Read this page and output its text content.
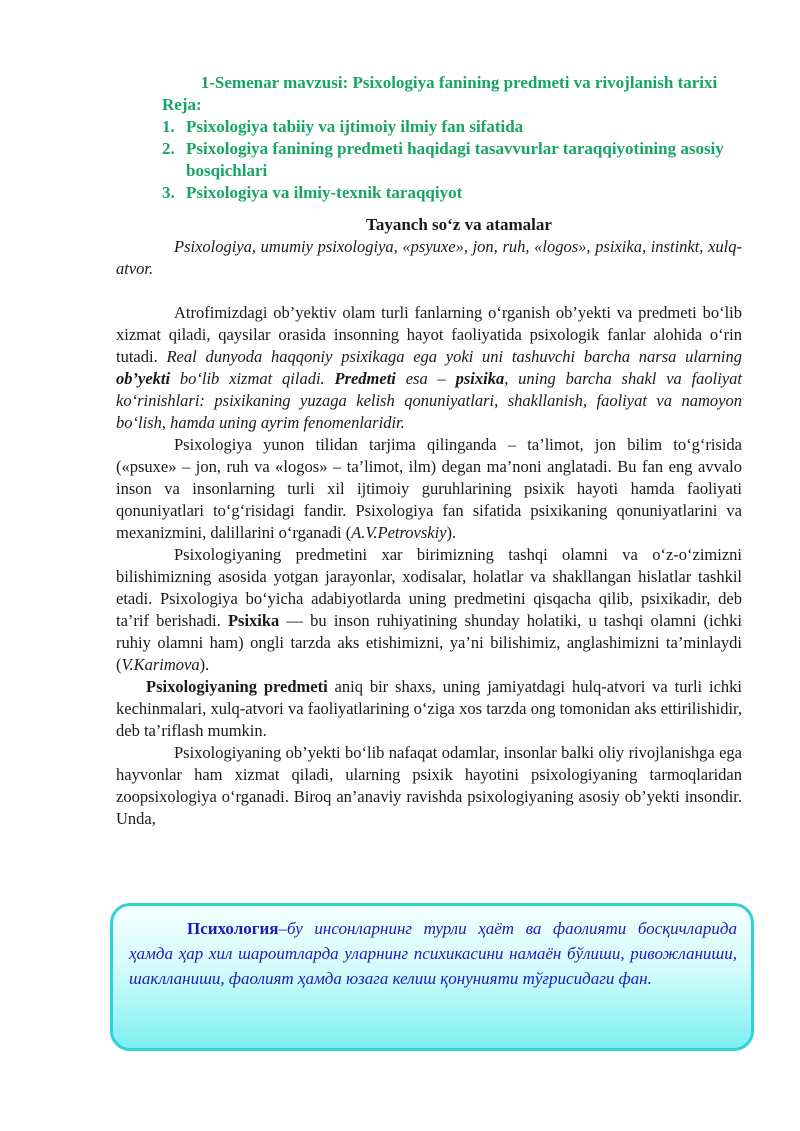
1-Semenar mavzusi: Psixologiya fanining predmeti va rivojlanish tarixi
Reja:
1. Psixologiya tabiiy va ijtimoiy ilmiy fan sifatida
2. Psixologiya fanining predmeti haqidagi tasavvurlar taraqqiyotining asosiy bosqichlari
3. Psixologiya va ilmiy-texnik taraqqiyot
Tayanch so‘z va atamalar

Psixologiya, umumiy psixologiya, «psyuxe», jon, ruh, «logos», psixika, instinkt, xulq-atvor.

Atrofimizdagi ob’yektiv olam turli fanlarning o‘rganish ob’yekti va predmeti bo‘lib xizmat qiladi, qaysilar orasida insonning hayot faoliyatida psixologik fanlar alohida o‘rin tutadi. Real dunyoda haqqoniy psixikaga ega yoki uni tashuvchi barcha narsa ularning ob’yekti bo‘lib xizmat qiladi. Predmeti esa – psixika, uning barcha shakl va faoliyat ko‘rinishlari: psixikaning yuzaga kelish qonuniyatlari, shakllanish, faoliyat va namoyon bo‘lish, hamda uning ayrim fenomenlaridir.

Psixologiya yunon tilidan tarjima qilinganda – ta’limot, jon bilim to‘g‘risida («psuxe» – jon, ruh va «logos» – ta’limot, ilm) degan ma’noni anglatadi. Bu fan eng avvalo inson va insonlarning turli xil ijtimoiy guruhlarining psixik hayoti hamda faoliyati qonuniyatlari to‘g‘risidagi fandir. Psixologiya fan sifatida psixikaning qonuniyatlarini va mexanizmini, dalillarini o‘rganadi (A.V.Petrovskiy).

Psixologiyaning predmetini xar birimizning tashqi olamni va o‘z-o‘zimizni bilishimizning asosida yotgan jarayonlar, xodisalar, holatlar va shakllangan hislatlar tashkil etadi. Psixologiya bo‘yicha adabiyotlarda uning predmetini qisqacha qilib, psixikadir, deb ta’rif berishadi. Psixika — bu inson ruhiyatining shunday holatiki, u tashqi olamni (ichki ruhiy olamni ham) ongli tarzda aks etishimizni, ya’ni bilishimiz, anglashimizni ta’minlaydi (V.Karimova).

Psixologiyaning predmeti aniq bir shaxs, uning jamiyatdagi hulq-atvori va turli ichki kechinmalari, xulq-atvori va faoliyatlarining o‘ziga xos tarzda ong tomonidan aks ettirilishidir, deb ta’riflash mumkin.

Psixologiyaning ob’yekti bo‘lib nafaqat odamlar, insonlar balki oliy rivojlanishga ega hayvonlar ham xizmat qiladi, ularning psixik hayotini psixologiyaning tarmoqlaridan zoopsixologiya o‘rganadi. Biroq an’anaviy ravishda psixologiyaning asosiy ob’yekti insondir. Unda,

Психология–бу инсонларнинг турли ҳаёт ва фаолияти босқичларида ҳамда ҳар хил шароитларда уларнинг психикасини намаён бўлиши, ривожланиши, шаклланиши, фаолият ҳамда юзага келиш қонунияти тўғрисидаги фан.
